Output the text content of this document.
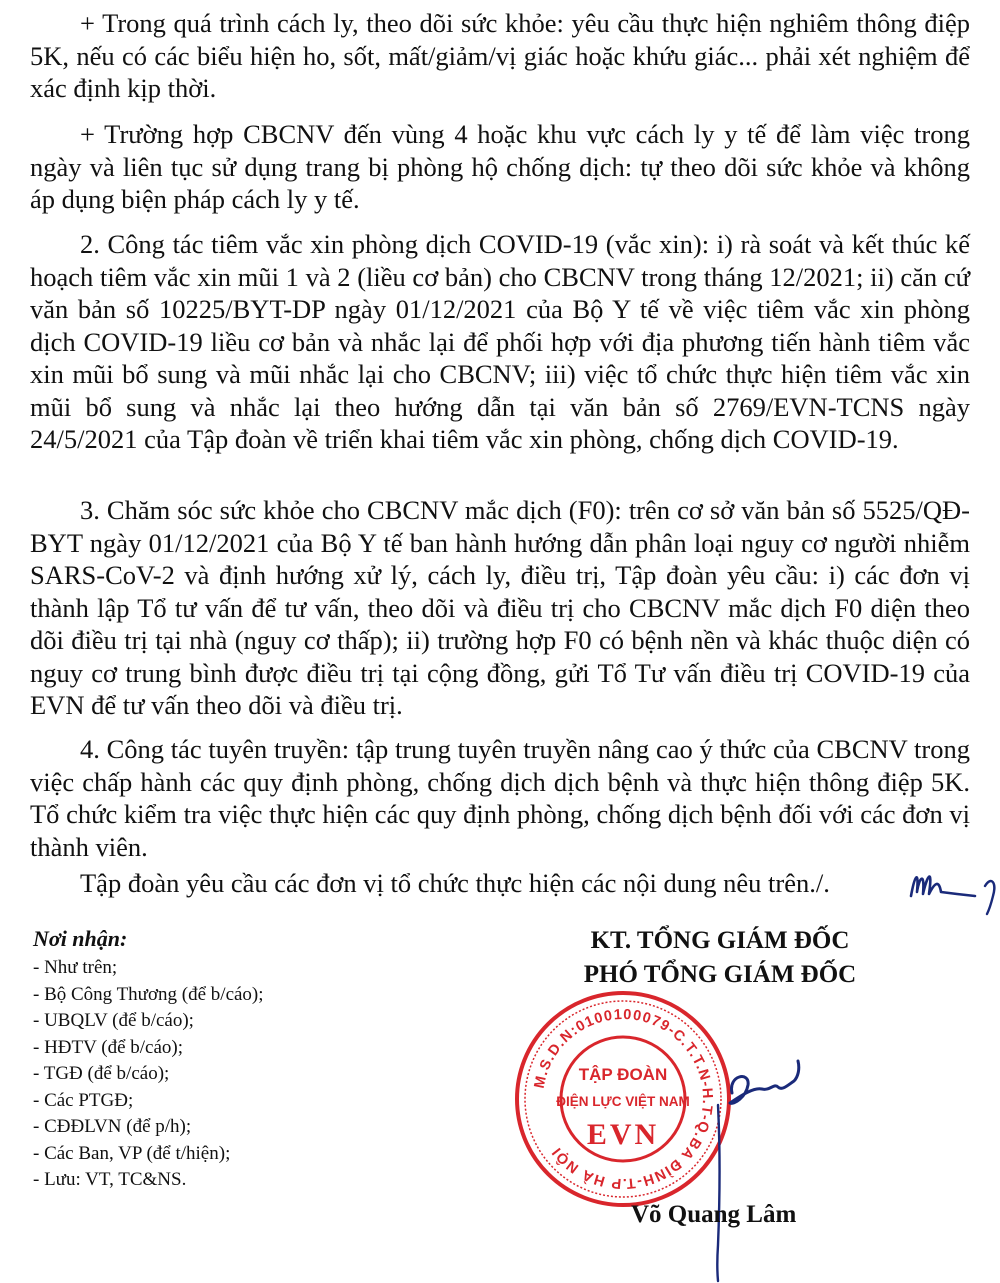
+ Trong quá trình cách ly, theo dõi sức khỏe: yêu cầu thực hiện nghiêm thông điệp 5K, nếu có các biểu hiện ho, sốt, mất/giảm/vị giác hoặc khứu giác... phải xét nghiệm để xác định kịp thời.

+ Trường hợp CBCNV đến vùng 4 hoặc khu vực cách ly y tế để làm việc trong ngày và liên tục sử dụng trang bị phòng hộ chống dịch: tự theo dõi sức khỏe và không áp dụng biện pháp cách ly y tế.

2. Công tác tiêm vắc xin phòng dịch COVID-19 (vắc xin): i) rà soát và kết thúc kế hoạch tiêm vắc xin mũi 1 và 2 (liều cơ bản) cho CBCNV trong tháng 12/2021; ii) căn cứ văn bản số 10225/BYT-DP ngày 01/12/2021 của Bộ Y tế về việc tiêm vắc xin phòng dịch COVID-19 liều cơ bản và nhắc lại để phối hợp với địa phương tiến hành tiêm vắc xin mũi bổ sung và mũi nhắc lại cho CBCNV; iii) việc tổ chức thực hiện tiêm vắc xin mũi bổ sung và nhắc lại theo hướng dẫn tại văn bản số 2769/EVN-TCNS ngày 24/5/2021 của Tập đoàn về triển khai tiêm vắc xin phòng, chống dịch COVID-19.

3. Chăm sóc sức khỏe cho CBCNV mắc dịch (F0): trên cơ sở văn bản số 5525/QĐ-BYT ngày 01/12/2021 của Bộ Y tế ban hành hướng dẫn phân loại nguy cơ người nhiễm SARS-CoV-2 và định hướng xử lý, cách ly, điều trị, Tập đoàn yêu cầu: i) các đơn vị thành lập Tổ tư vấn để tư vấn, theo dõi và điều trị cho CBCNV mắc dịch F0 diện theo dõi điều trị tại nhà (nguy cơ thấp); ii) trường hợp F0 có bệnh nền và khác thuộc diện có nguy cơ trung bình được điều trị tại cộng đồng, gửi Tổ Tư vấn điều trị COVID-19 của EVN để tư vấn theo dõi và điều trị.

4. Công tác tuyên truyền: tập trung tuyên truyền nâng cao ý thức của CBCNV trong việc chấp hành các quy định phòng, chống dịch dịch bệnh và thực hiện thông điệp 5K. Tổ chức kiểm tra việc thực hiện các quy định phòng, chống dịch bệnh đối với các đơn vị thành viên.

Tập đoàn yêu cầu các đơn vị tổ chức thực hiện các nội dung nêu trên./.

Nơi nhận:

- Như trên;
- Bộ Công Thương (để b/cáo);
- UBQLV (để b/cáo);
- HĐTV (để b/cáo);
- TGĐ (để b/cáo);
- Các PTGĐ;
- CĐĐLVN (để p/h);
- Các Ban, VP (để t/hiện);
- Lưu: VT, TC&NS.

KT. TỔNG GIÁM ĐỐC

PHÓ TỔNG GIÁM ĐỐC

M.S.D.N:0100100079-C.T.T.N-H.T-Q.BA ĐÌNH-T.P HÀ NỘI
TẬP ĐOÀN
ĐIỆN LỰC VIỆT NAM
EVN

Võ Quang Lâm
